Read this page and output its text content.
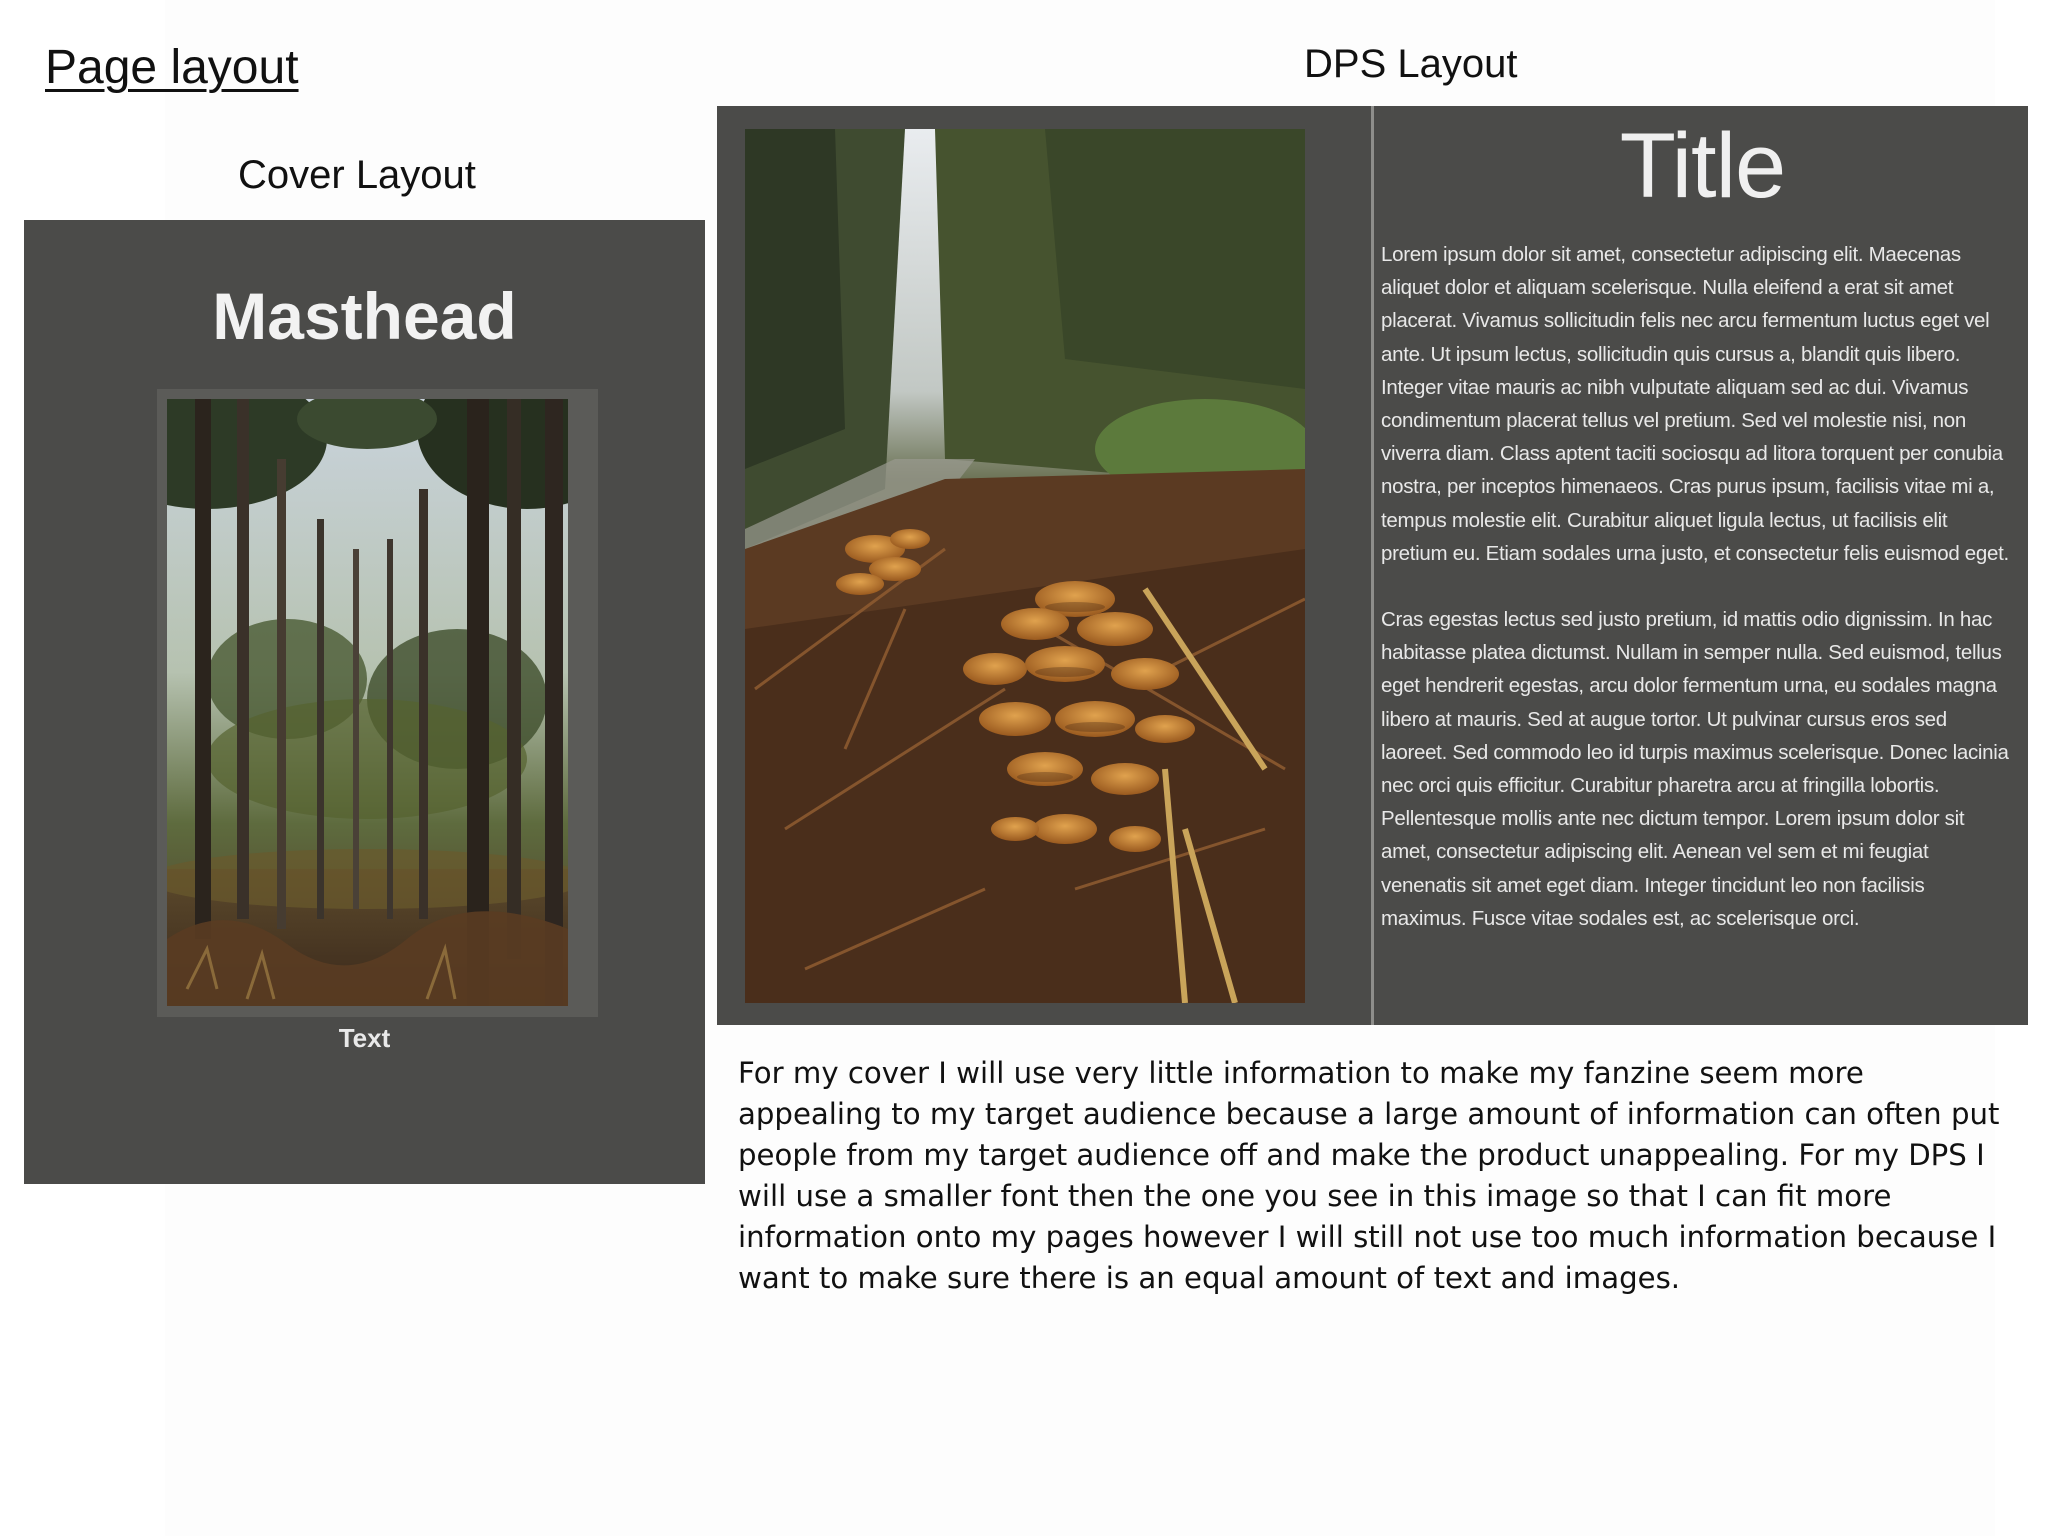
Page layout
Cover Layout
DPS Layout
Masthead
Text
Title

Lorem ipsum dolor sit amet, consectetur adipiscing elit. Maecenas aliquet dolor et aliquam scelerisque. Nulla eleifend a erat sit amet placerat. Vivamus sollicitudin felis nec arcu fermentum luctus eget vel ante. Ut ipsum lectus, sollicitudin quis cursus a, blandit quis libero. Integer vitae mauris ac nibh vulputate aliquam sed ac dui. Vivamus condimentum placerat tellus vel pretium. Sed vel molestie nisi, non viverra diam. Class aptent taciti sociosqu ad litora torquent per conubia nostra, per inceptos himenaeos. Cras purus ipsum, facilisis vitae mi a, tempus molestie elit. Curabitur aliquet ligula lectus, ut facilisis elit pretium eu. Etiam sodales urna justo, et consectetur felis euismod eget.

Cras egestas lectus sed justo pretium, id mattis odio dignissim. In hac habitasse platea dictumst. Nullam in semper nulla. Sed euismod, tellus eget hendrerit egestas, arcu dolor fermentum urna, eu sodales magna libero at mauris. Sed at augue tortor. Ut pulvinar cursus eros sed laoreet. Sed commodo leo id turpis maximus scelerisque. Donec lacinia nec orci quis efficitur. Curabitur pharetra arcu at fringilla lobortis. Pellentesque mollis ante nec dictum tempor. Lorem ipsum dolor sit amet, consectetur adipiscing elit. Aenean vel sem et mi feugiat venenatis sit amet eget diam. Integer tincidunt leo non facilisis maximus. Fusce vitae sodales est, ac scelerisque orci.

For my cover I will use very little information to make my fanzine seem more appealing to my target audience because a large amount of information can often put people from my target audience off and make the product unappealing. For my DPS I will use a smaller font then the one you see in this image so that I can fit more information onto my pages however I will still not use too much information because I want to make sure there is an equal amount of text and images.
